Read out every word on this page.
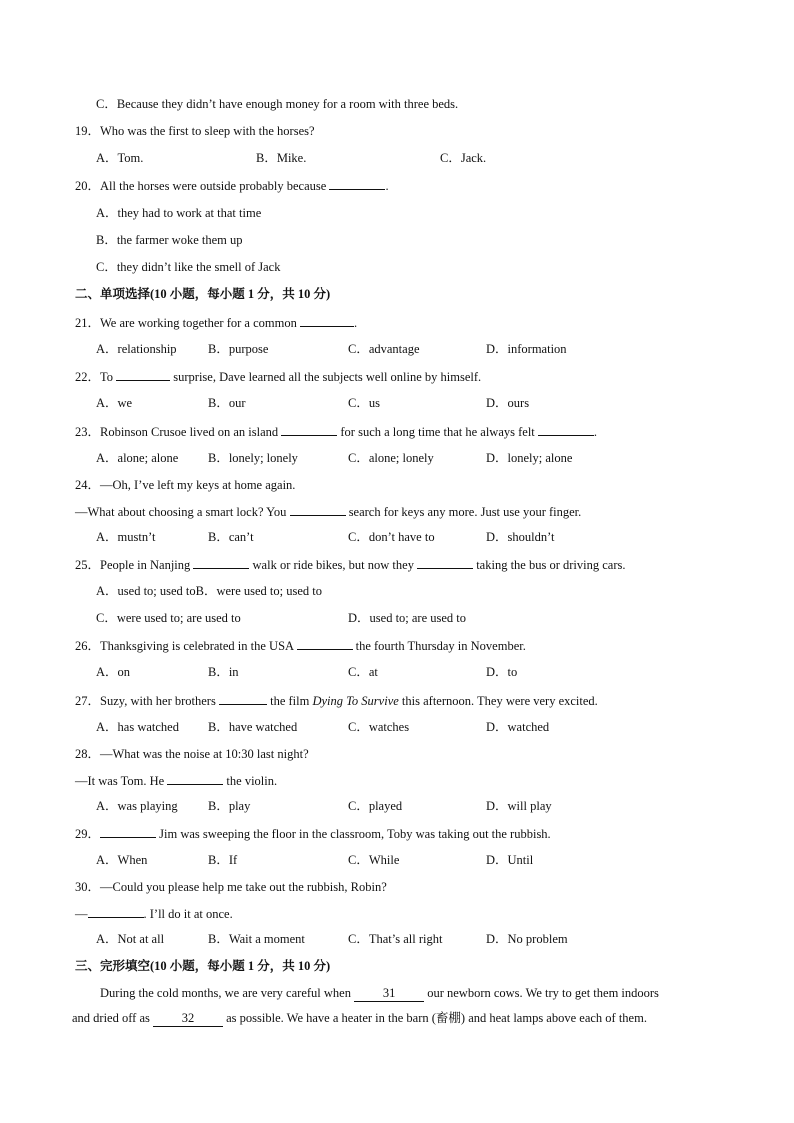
C．Because they didn’t have enough money for a room with three beds.
19．Who was the first to sleep with the horses?
A．Tom.	B．Mike.	C．Jack.
20．All the horses were outside probably because	.
A．they had to work at that time
B．the farmer woke them up
C．they didn’t like the smell of Jack
二、单项选择(10 小题，每小题 1 分，共 10 分)
21．We are working together for a common	.
A．relationship	B．purpose	C．advantage	D．information
22．To	surprise, Dave learned all the subjects well online by himself.
A．we	B．our	C．us	D．ours
23．Robinson Crusoe lived on an island	for such a long time that he always felt	.
A．alone; alone B．lonely; lonely	C．alone; lonely	D．lonely; alone
24．—Oh, I’ve left my keys at home again.
—What about choosing a smart lock? You	search for keys any more. Just use your finger.
A．mustn’t	B．can’t	C．don’t have to	D．shouldn’t
25．People in Nanjing	walk or ride bikes, but now they	taking the bus or driving cars.
A．used to; used toB．were used to; used to
C．were used to; are used to	D．used to; are used to
26．Thanksgiving is celebrated in the USA	the fourth Thursday in November.
A．on	B．in	C．at	D．to
27．Suzy, with her brothers	the film Dying To Survive this afternoon. They were very excited.
A．has watched B．have watched	C．watches	D．watched
28．—What was the noise at 10:30 last night?
—It was Tom. He	the violin.
A．was playing B．play	C．played	D．will play
29．	Jim was sweeping the floor in the classroom, Toby was taking out the rubbish.
A．When	B．If	C．While	D．Until
30．—Could you please help me take out the rubbish, Robin?
—	. I’ll do it at once.
A．Not at all	B．Wait a moment	C．That’s all right	D．No problem
三、完形填空(10 小题，每小题 1 分，共 10 分)
During the cold months, we are very careful when 31 our newborn cows. We try to get them indoors
and dried off as 32 as possible. We have a heater in the barn (畜棚) and heat lamps above each of them.
